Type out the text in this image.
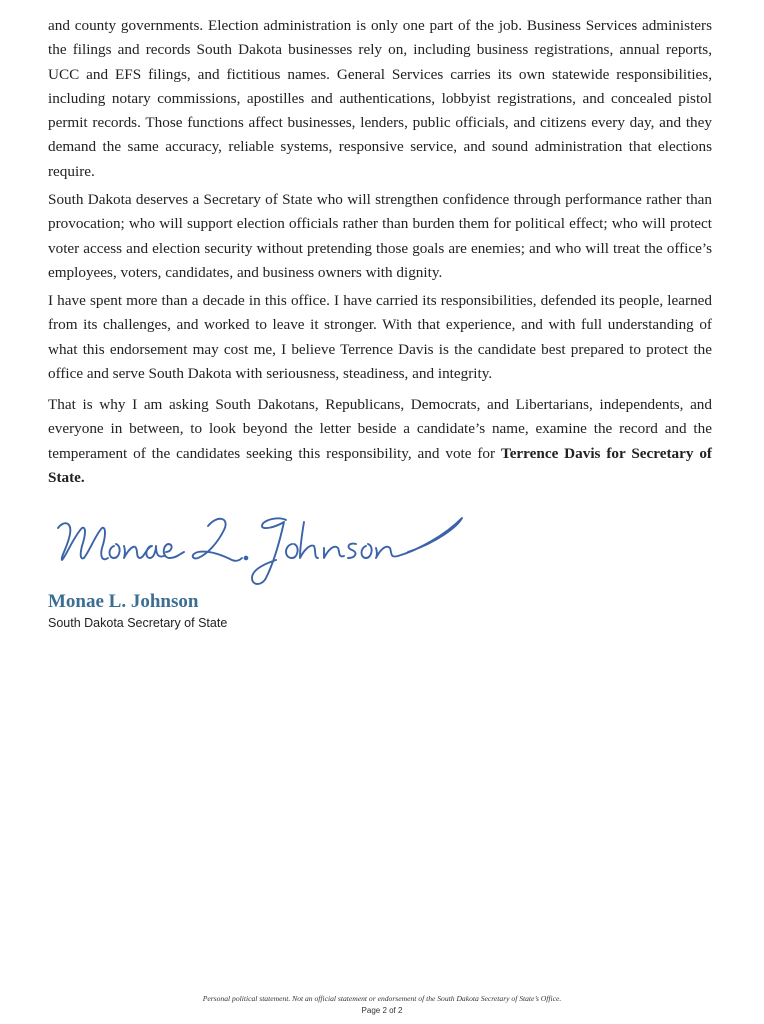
and county governments. Election administration is only one part of the job. Business Services administers the filings and records South Dakota businesses rely on, including business registrations, annual reports, UCC and EFS filings, and fictitious names. General Services carries its own statewide responsibilities, including notary commissions, apostilles and authentications, lobbyist registrations, and concealed pistol permit records. Those functions affect businesses, lenders, public officials, and citizens every day, and they demand the same accuracy, reliable systems, responsive service, and sound administration that elections require.

South Dakota deserves a Secretary of State who will strengthen confidence through performance rather than provocation; who will support election officials rather than burden them for political effect; who will protect voter access and election security without pretending those goals are enemies; and who will treat the office’s employees, voters, candidates, and business owners with dignity.

I have spent more than a decade in this office. I have carried its responsibilities, defended its people, learned from its challenges, and worked to leave it stronger. With that experience, and with full understanding of what this endorsement may cost me, I believe Terrence Davis is the candidate best prepared to protect the office and serve South Dakota with seriousness, steadiness, and integrity.

That is why I am asking South Dakotans, Republicans, Democrats, and Libertarians, independents, and everyone in between, to look beyond the letter beside a candidate’s name, examine the record and the temperament of the candidates seeking this responsibility, and vote for Terrence Davis for Secretary of State.

Monae L. Johnson

South Dakota Secretary of State

Personal political statement. Not an official statement or endorsement of the South Dakota Secretary of State’s Office.

Page 2 of 2
